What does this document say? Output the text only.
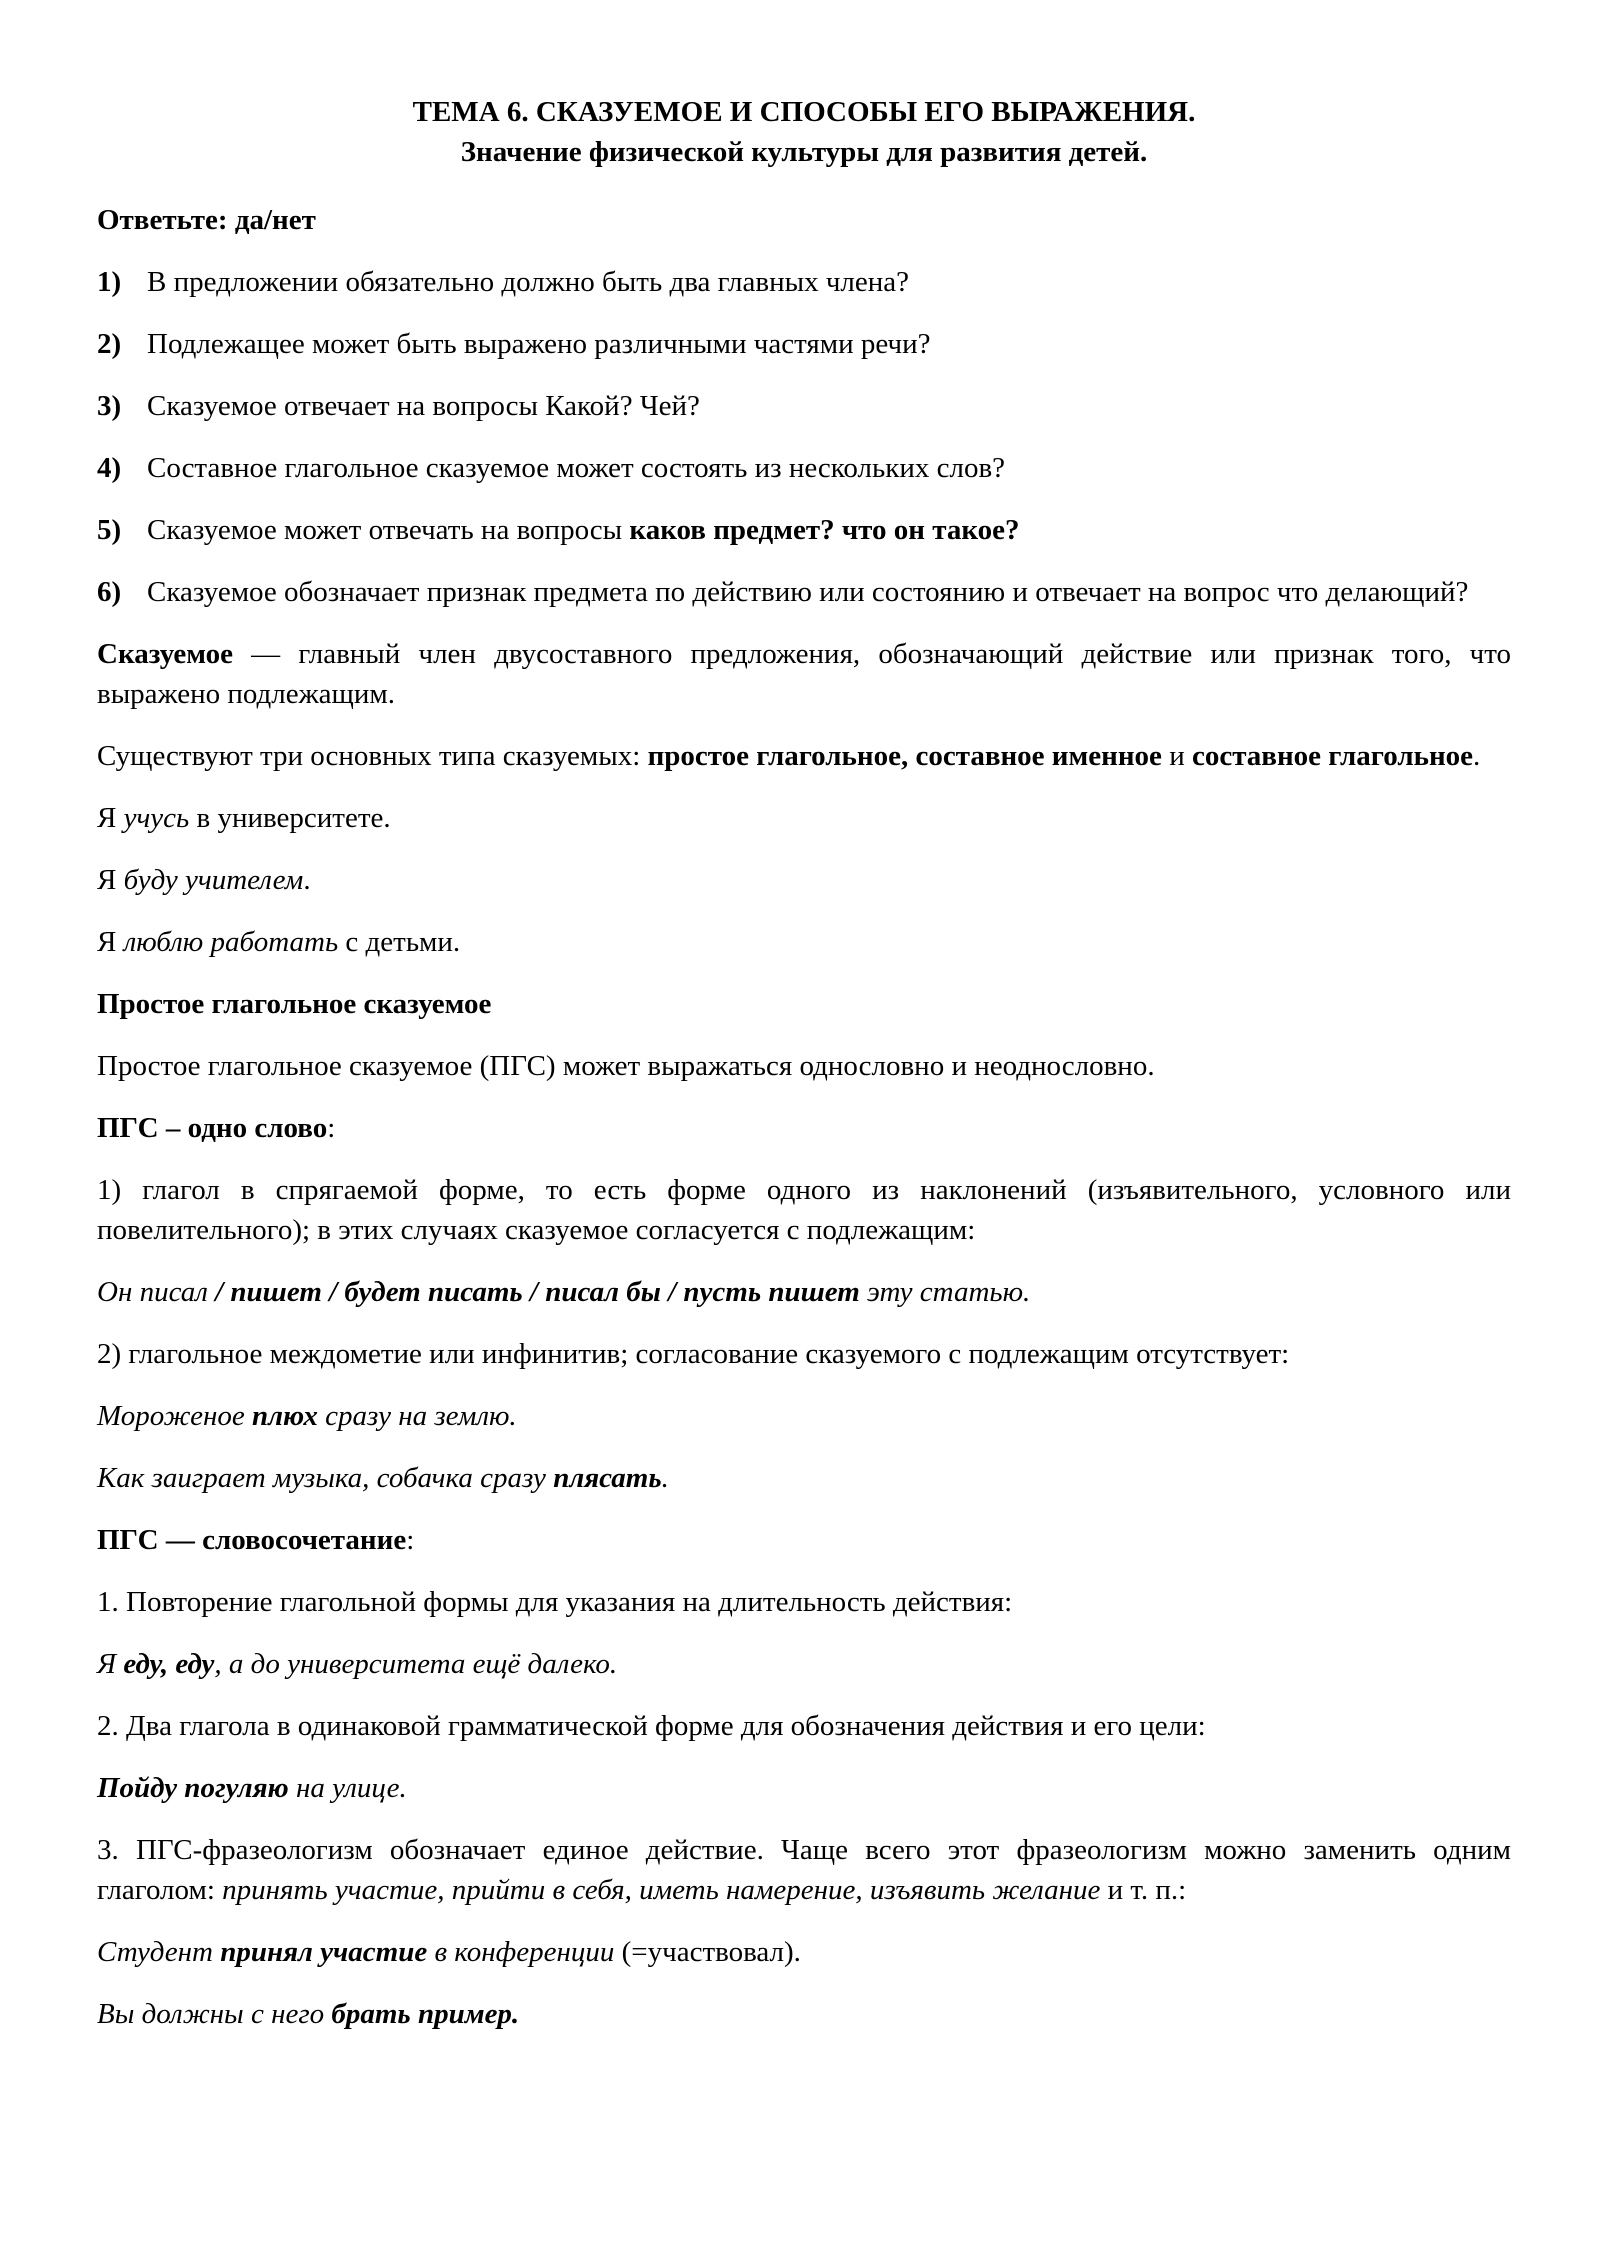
ТЕМА 6. СКАЗУЕМОЕ И СПОСОБЫ ЕГО ВЫРАЖЕНИЯ.
Значение физической культуры для развития детей.

Ответьте: да/нет

1) В предложении обязательно должно быть два главных члена?
2) Подлежащее может быть выражено различными частями речи?
3) Сказуемое отвечает на вопросы Какой? Чей?
4) Составное глагольное сказуемое может состоять из нескольких слов?
5) Сказуемое может отвечать на вопросы каков предмет? что он такое?
6) Сказуемое обозначает признак предмета по действию или состоянию и отвечает на вопрос что делающий?

Сказуемое — главный член двусоставного предложения, обозначающий действие или признак того, что выражено подлежащим.

Существуют три основных типа сказуемых: простое глагольное, составное именное и составное глагольное.

Я учусь в университете.

Я буду учителем.

Я люблю работать с детьми.

Простое глагольное сказуемое

Простое глагольное сказуемое (ПГС) может выражаться однословно и неоднословно.

ПГС – одно слово:

1) глагол в спрягаемой форме, то есть форме одного из наклонений (изъявительного, условного или повелительного); в этих случаях сказуемое согласуется с подлежащим:

Он писал / пишет / будет писать / писал бы / пусть пишет эту статью.

2) глагольное междометие или инфинитив; согласование сказуемого с подлежащим отсутствует:

Мороженое плюх сразу на землю.

Как заиграет музыка, собачка сразу плясать.

ПГС — словосочетание:

1. Повторение глагольной формы для указания на длительность действия:

Я еду, еду, а до университета ещё далеко.

2. Два глагола в одинаковой грамматической форме для обозначения действия и его цели:

Пойду погуляю на улице.

3. ПГС-фразеологизм обозначает единое действие. Чаще всего этот фразеологизм можно заменить одним глаголом: принять участие, прийти в себя, иметь намерение, изъявить желание и т. п.:

Студент принял участие в конференции (=участвовал).

Вы должны с него брать пример.
